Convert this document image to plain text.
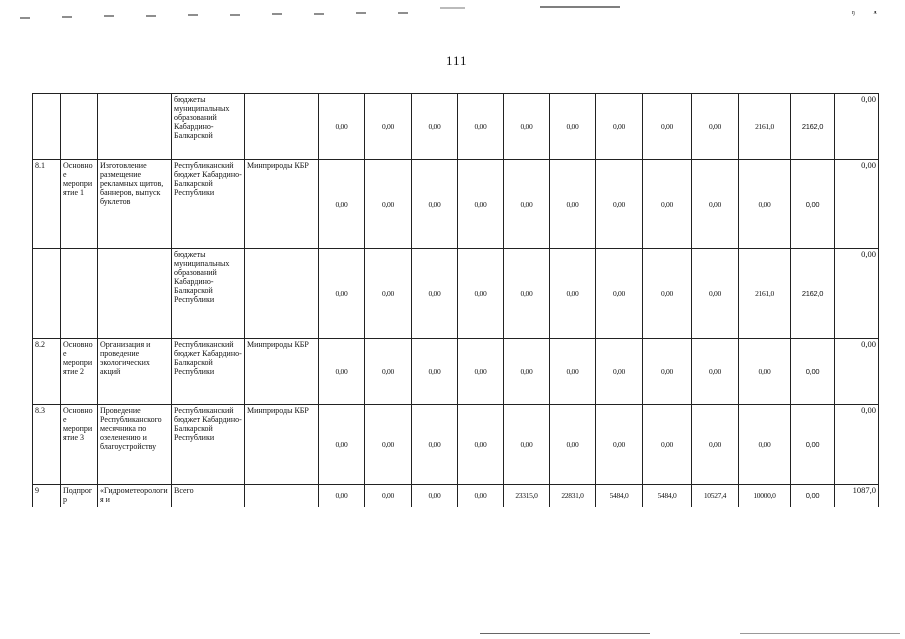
ᵑ ᵜ
111
			бюджеты муниципальных образований Кабардино-Балкарской		0,00	0,00	0,00	0,00	0,00	0,00	0,00	0,00	0,00	2161,0	2162,0	0,00

8.1	Основное мероприятие 1	Изготовление размещение рекламных щитов, баннеров, выпуск буклетов	Республиканский бюджет Кабардино-Балкарской Республики	Минприроды КБР	0,00	0,00	0,00	0,00	0,00	0,00	0,00	0,00	0,00	0,00	0,00	0,00

			бюджеты муниципальных образований Кабардино-Балкарской Республики		0,00	0,00	0,00	0,00	0,00	0,00	0,00	0,00	0,00	2161,0	2162,0	0,00

8.2	Основное мероприятие 2	Организация и проведение экологических акций	Республиканский бюджет Кабардино-Балкарской Республики	Минприроды КБР	0,00	0,00	0,00	0,00	0,00	0,00	0,00	0,00	0,00	0,00	0,00	0,00

8.3	Основное мероприятие 3	Проведение Республиканского месячника по озеленению и благоустройству	Республиканский бюджет Кабардино-Балкарской Республики	Минприроды КБР	0,00	0,00	0,00	0,00	0,00	0,00	0,00	0,00	0,00	0,00	0,00	0,00

9	Подпрогр	«Гидрометеорология и	Всего		0,00	0,00	0,00	0,00	23315,0	22831,0	5484,0	5484,0	10527,4	10000,0	0,00	1087,0
